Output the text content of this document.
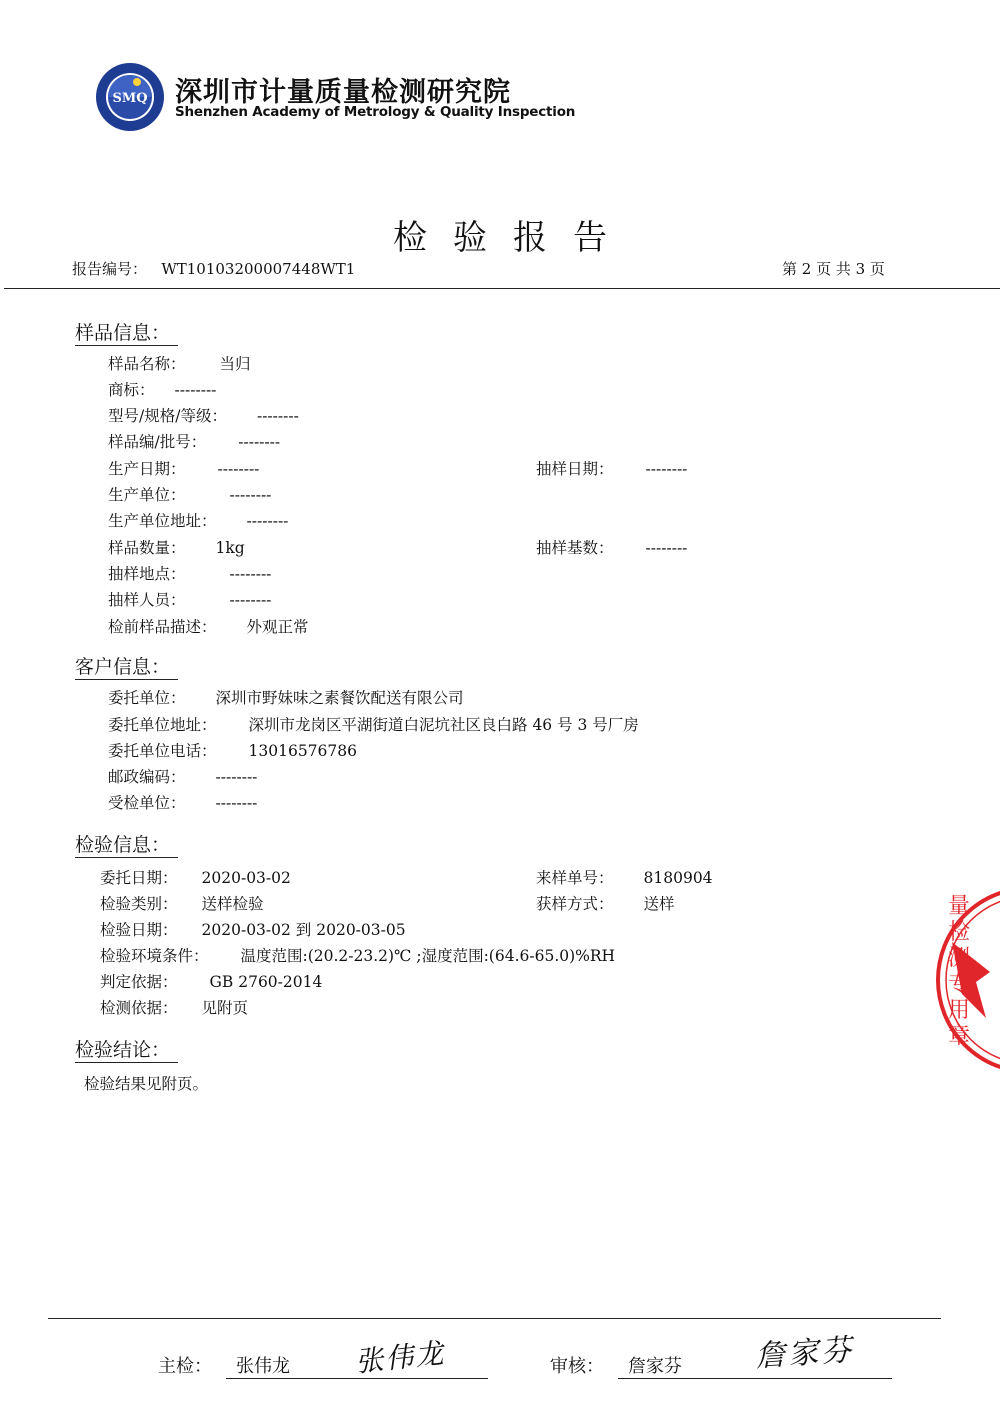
SMQ 深圳市计量质量检测研究院
Shenzhen Academy of Metrology & Quality Inspection
检验报告
报告编号： WT10103200007448WT1	第 2 页 共 3 页
样品信息：
样品名称： 当归
商标： --------
型号/规格/等级： --------
样品编/批号： --------
生产日期： --------	抽样日期： --------
生产单位：	--------
生产单位地址： --------
样品数量： 1kg	抽样基数： --------
抽样地点：	--------
抽样人员：	--------
检前样品描述： 外观正常
客户信息：
委托单位： 深圳市野妹味之素餐饮配送有限公司
委托单位地址： 深圳市龙岗区平湖街道白泥坑社区良白路 46 号 3 号厂房
委托单位电话： 13016576786
邮政编码： --------
受检单位： --------
检验信息：
委托日期： 2020-03-02	来样单号： 8180904
检验类别： 送样检验	获样方式： 送样
检验日期： 2020-03-02 到 2020-03-05
检验环境条件： 温度范围:(20.2-23.2)℃ ;湿度范围:(64.6-65.0)%RH
判定依据： GB 2760-2014
检测依据： 见附页
检验结论：
检验结果见附页。
量检测专用章
主检： 张伟龙 张伟龙	审核： 詹家芬 詹家芬
